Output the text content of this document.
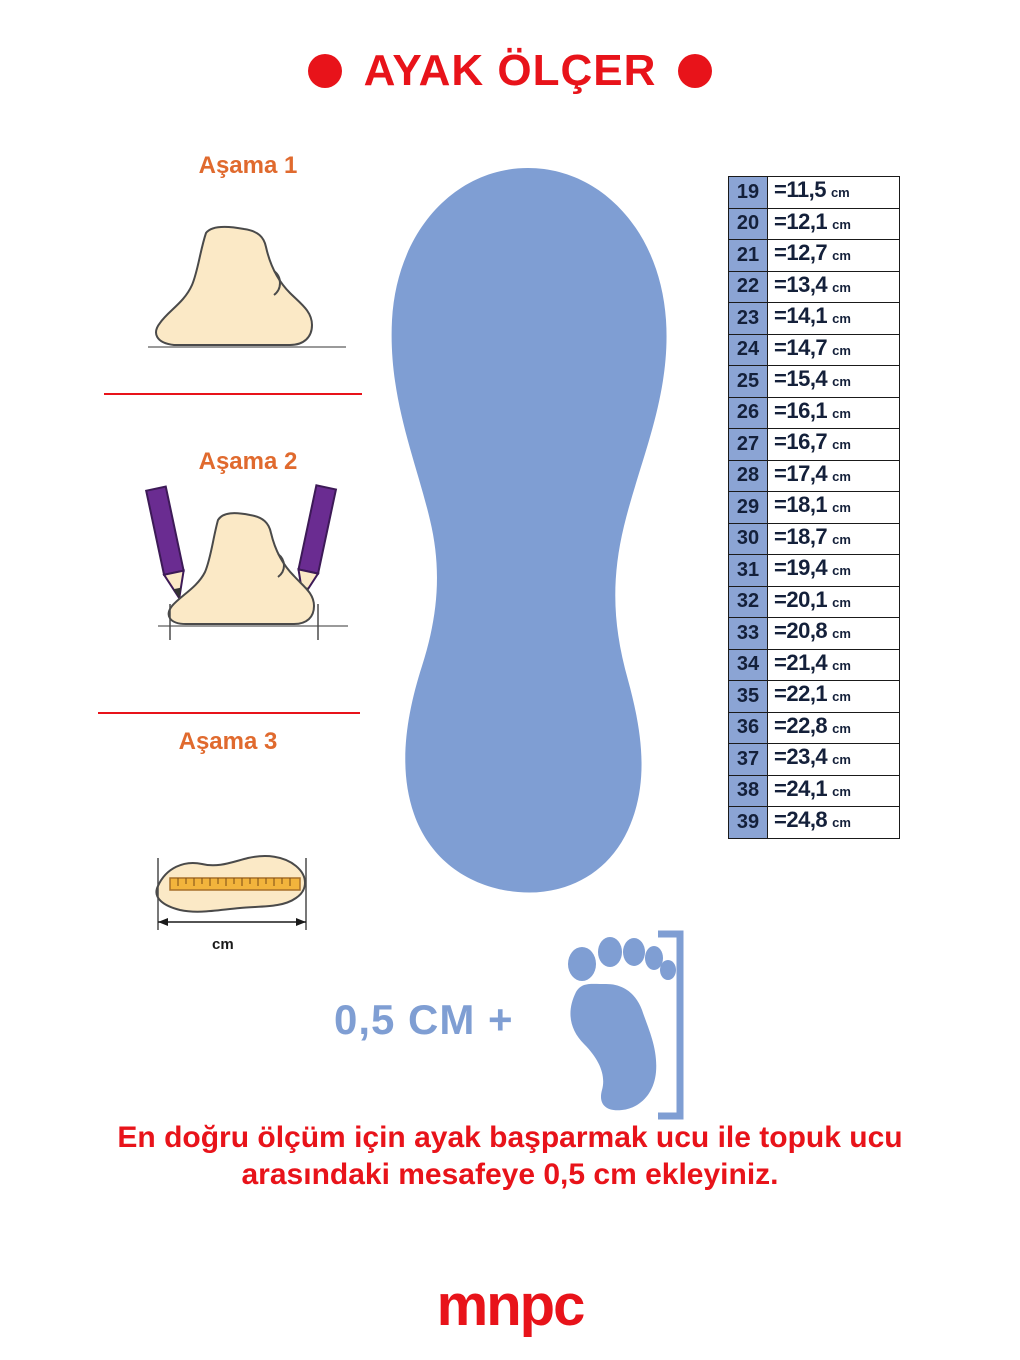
AYAK ÖLÇER
Aşama 1
Aşama 2
Aşama 3
cm
19 =11,5 cm
20 =12,1 cm
21 =12,7 cm
22 =13,4 cm
23 =14,1 cm
24 =14,7 cm
25 =15,4 cm
26 =16,1 cm
27 =16,7 cm
28 =17,4 cm
29 =18,1 cm
30 =18,7 cm
31 =19,4 cm
32 =20,1 cm
33 =20,8 cm
34 =21,4 cm
35 =22,1 cm
36 =22,8 cm
37 =23,4 cm
38 =24,1 cm
39 =24,8 cm
0,5 CM +
En doğru ölçüm için ayak başparmak ucu ile topuk ucu arasındaki mesafeye 0,5 cm ekleyiniz.
mnpc
